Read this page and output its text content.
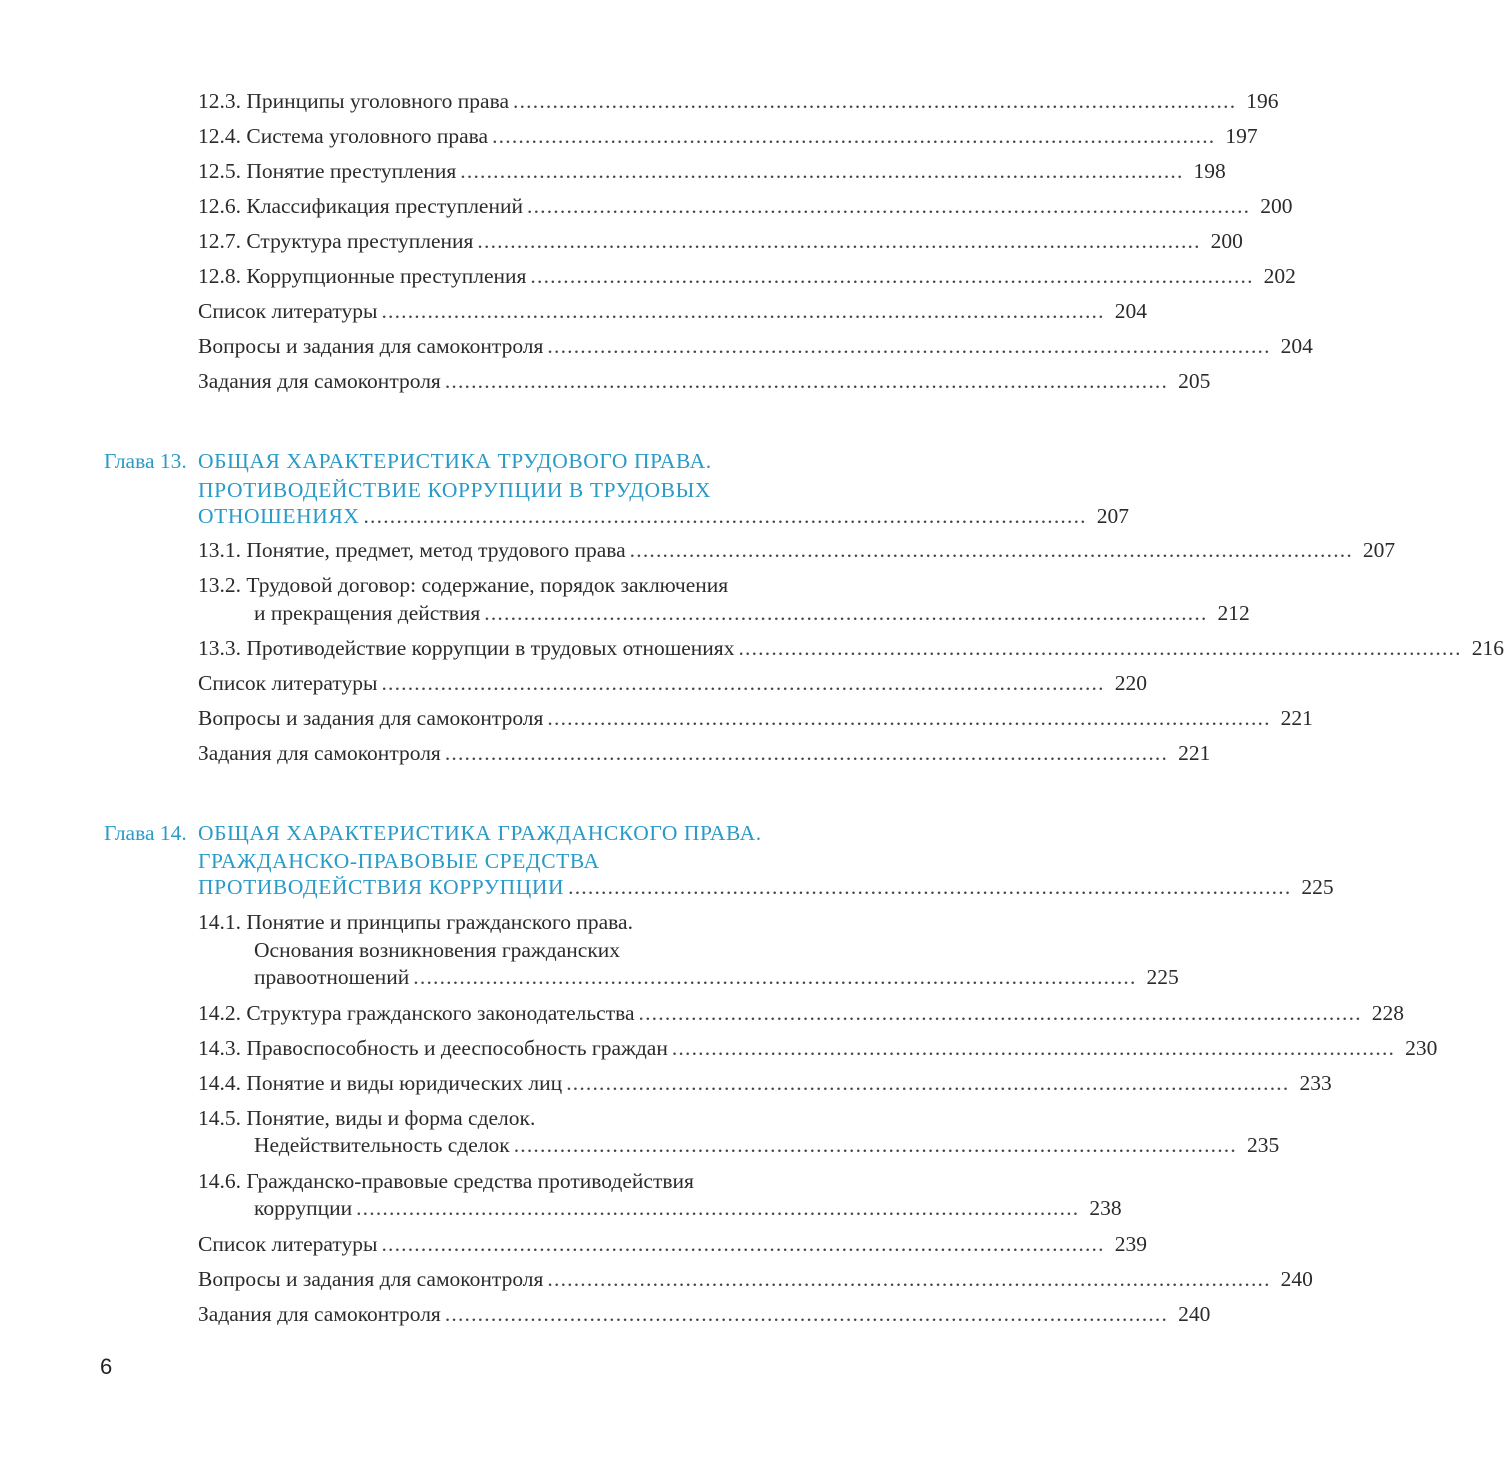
12.3. Принципы уголовного права .............................................................................................................. 196
12.4. Система уголовного права .............................................................................................................. 197
12.5. Понятие преступления .............................................................................................................. 198
12.6. Классификация преступлений .............................................................................................................. 200
12.7. Структура преступления .............................................................................................................. 200
12.8. Коррупционные преступления .............................................................................................................. 202
Список литературы .............................................................................................................. 204
Вопросы и задания для самоконтроля .............................................................................................................. 204
Задания для самоконтроля .............................................................................................................. 205
Глава 13. ОБЩАЯ ХАРАКТЕРИСТИКА ТРУДОВОГО ПРАВА.
ПРОТИВОДЕЙСТВИЕ КОРРУПЦИИ В ТРУДОВЫХ
ОТНОШЕНИЯХ .............................................................................................................. 207
13.1. Понятие, предмет, метод трудового права .............................................................................................................. 207
13.2. Трудовой договор: содержание, порядок заключения
и прекращения действия .............................................................................................................. 212
13.3. Противодействие коррупции в трудовых отношениях .............................................................................................................. 216
Список литературы .............................................................................................................. 220
Вопросы и задания для самоконтроля .............................................................................................................. 221
Задания для самоконтроля .............................................................................................................. 221
Глава 14. ОБЩАЯ ХАРАКТЕРИСТИКА ГРАЖДАНСКОГО ПРАВА.
ГРАЖДАНСКО-ПРАВОВЫЕ СРЕДСТВА
ПРОТИВОДЕЙСТВИЯ КОРРУПЦИИ .............................................................................................................. 225
14.1. Понятие и принципы гражданского права.
Основания возникновения гражданских
правоотношений .............................................................................................................. 225
14.2. Структура гражданского законодательства .............................................................................................................. 228
14.3. Правоспособность и дееспособность граждан .............................................................................................................. 230
14.4. Понятие и виды юридических лиц .............................................................................................................. 233
14.5. Понятие, виды и форма сделок.
Недействительность сделок .............................................................................................................. 235
14.6. Гражданско-правовые средства противодействия
коррупции .............................................................................................................. 238
Список литературы .............................................................................................................. 239
Вопросы и задания для самоконтроля .............................................................................................................. 240
Задания для самоконтроля .............................................................................................................. 240
6
